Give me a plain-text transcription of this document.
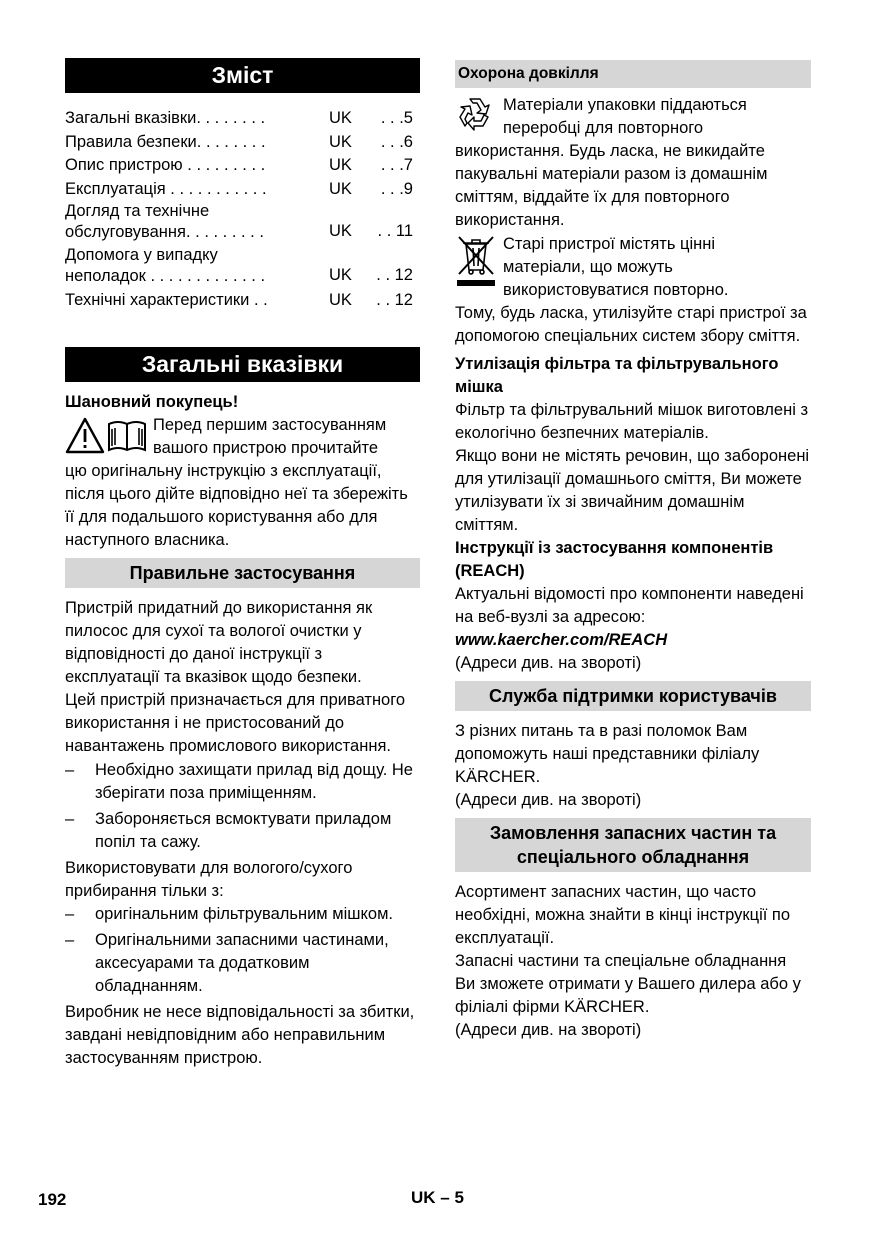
Зміст
Загальні вказівки. . . . . . . .	UK	. . .5
Правила безпеки. . . . . . . .	UK	. . .6
Опис пристрою . . . . . . . . .	UK	. . .7
Експлуатація . . . . . . . . . . .	UK	. . .9
Догляд та технічне
обслуговування. . . . . . . . .	UK	. . 11
Допомога у випадку
неполадок . . . . . . . . . . . . .	UK	. . 12
Технічні характеристики . .	UK	. . 12
Загальні вказівки

Шановний покупець!

Перед першим застосуванням

вашого пристрою прочитайте

цю оригінальну інструкцію з експлуатації, після цього дійте відповідно неї та збережіть її для подальшого користування або для наступного власника.

Правильне застосування

Пристрій придатний до використання як пилосос для сухої та вологої очистки у відповідності до даної інструкції з експлуатації та вказівок щодо безпеки.

Цей пристрій призначається для приватного використання і не пристосований до навантажень промислового використання.

–	Необхідно захищати прилад від дощу. Не зберігати поза приміщенням.
–	Забороняється всмоктувати приладом попіл та сажу.

Використовувати для вологого/сухого прибирання тільки з:

–	оригінальним фільтрувальним мішком.
–	Оригінальними запасними частинами, аксесуарами та додатковим обладнанням.

Виробник не несе відповідальності за збитки, завдані невідповідним або неправильним застосуванням пристрою.

Охорона довкілля

Матеріали упаковки піддаються

переробці для повторного

використання. Будь ласка, не викидайте пакувальні матеріали разом із домашнім сміттям, віддайте їх для повторного використання.

Старі пристрої містять цінні

матеріали, що можуть

використовуватися повторно.

Тому, будь ласка, утилізуйте старі пристрої за допомогою спеціальних систем збору сміття.

Утилізація фільтра та фільтрувального мішка

Фільтр та фільтрувальний мішок виготовлені з екологічно безпечних матеріалів.

Якщо вони не містять речовин, що заборонені для утилізації домашнього сміття, Ви можете утилізувати їх зі звичайним домашнім сміттям.

Інструкції із застосування компонентів (REACH)

Актуальні відомості про компоненти наведені на веб-вузлі за адресою:

www.kaercher.com/REACH

(Адреси див. на звороті)

Служба підтримки користувачів

З різних питань та в разі поломок Вам допоможуть наші представники філіалу KÄRCHER.

(Адреси див. на звороті)

Замовлення запасних частин та
спеціального обладнання

Асортимент запасних частин, що часто необхідні, можна знайти в кінці інструкції по експлуатації.

Запасні частини та спеціальне обладнання Ви зможете отримати у Вашего дилера або у філіалі фірми KÄRCHER.

(Адреси див. на звороті)

192	UK – 5
